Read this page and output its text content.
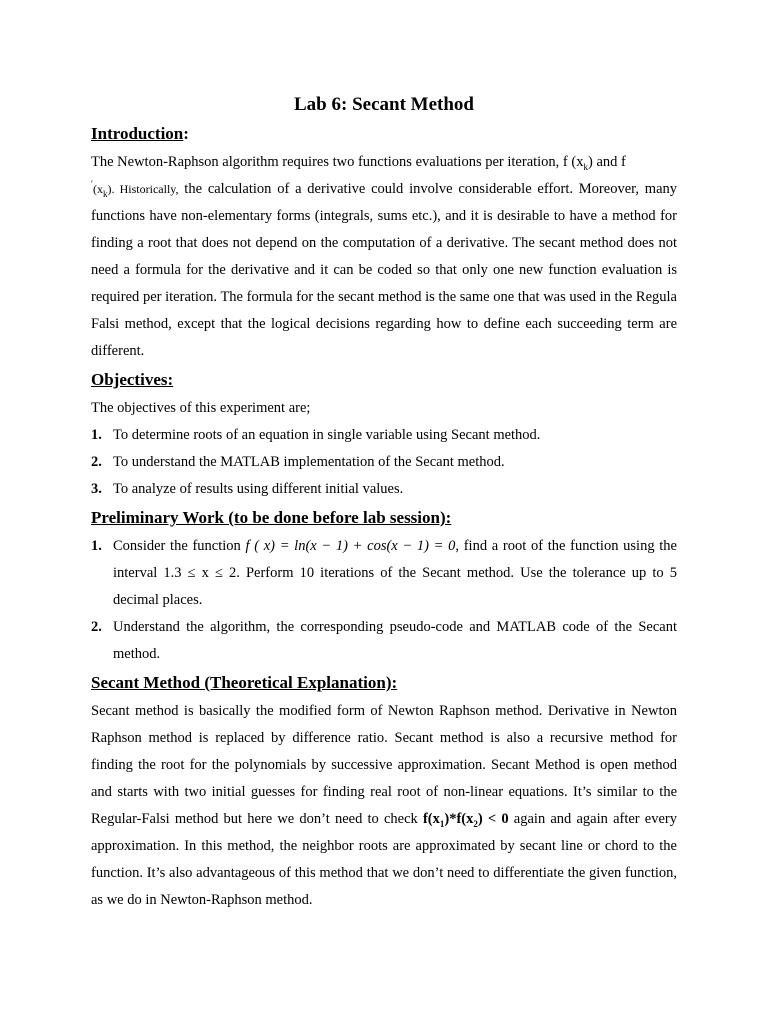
Lab 6: Secant Method
Introduction:

The Newton-Raphson algorithm requires two functions evaluations per iteration, f $(x_k)$ and f
$'(x_k)$. Historically, the calculation of a derivative could involve considerable effort. Moreover, many functions have non-elementary forms (integrals, sums etc.), and it is desirable to have a method for finding a root that does not depend on the computation of a derivative. The secant method does not need a formula for the derivative and it can be coded so that only one new function evaluation is required per iteration. The formula for the secant method is the same one that was used in the Regula Falsi method, except that the logical decisions regarding how to define each succeeding term are different.

Objectives:

The objectives of this experiment are;

1. To determine roots of an equation in single variable using Secant method.
2. To understand the MATLAB implementation of the Secant method.
3. To analyze of results using different initial values.
Preliminary Work (to be done before lab session):
1. Consider the function f ( x) = ln(x − 1) + cos(x − 1) = 0, find a root of the function using the interval 1.3 ≤ x ≤ 2. Perform 10 iterations of the Secant method. Use the tolerance up to 5 decimal places.
2. Understand the algorithm, the corresponding pseudo-code and MATLAB code of the Secant method.
Secant Method (Theoretical Explanation):

Secant method is basically the modified form of Newton Raphson method. Derivative in Newton Raphson method is replaced by difference ratio. Secant method is also a recursive method for finding the root for the polynomials by successive approximation. Secant Method is open method and starts with two initial guesses for finding real root of non-linear equations. It’s similar to the Regular-Falsi method but here we don’t need to check $f(x_1)*f(x_2) < 0$ again and again after every approximation. In this method, the neighbor roots are approximated by secant line or chord to the function. It’s also advantageous of this method that we don’t need to differentiate the given function, as we do in Newton-Raphson method.
